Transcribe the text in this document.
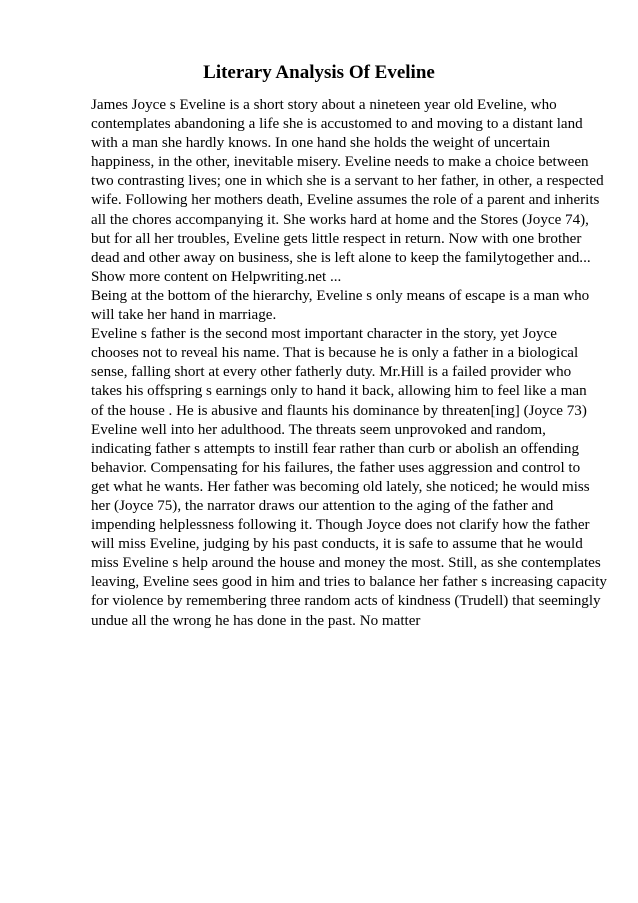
Literary Analysis Of Eveline
James Joyce s Eveline is a short story about a nineteen year old Eveline, who
contemplates abandoning a life she is accustomed to and moving to a distant land
with a man she hardly knows. In one hand she holds the weight of uncertain
happiness, in the other, inevitable misery. Eveline needs to make a choice between
two contrasting lives; one in which she is a servant to her father, in other, a respected
wife. Following her mothers death, Eveline assumes the role of a parent and inherits
all the chores accompanying it. She works hard at home and the Stores (Joyce 74),
but for all her troubles, Eveline gets little respect in return. Now with one brother
dead and other away on business, she is left alone to keep the familytogether and...
Show more content on Helpwriting.net ...
Being at the bottom of the hierarchy, Eveline s only means of escape is a man who
will take her hand in marriage.
Eveline s father is the second most important character in the story, yet Joyce
chooses not to reveal his name. That is because he is only a father in a biological
sense, falling short at every other fatherly duty. Mr.Hill is a failed provider who
takes his offspring s earnings only to hand it back, allowing him to feel like a man
of the house . He is abusive and flaunts his dominance by threaten[ing] (Joyce 73)
Eveline well into her adulthood. The threats seem unprovoked and random,
indicating father s attempts to instill fear rather than curb or abolish an offending
behavior. Compensating for his failures, the father uses aggression and control to
get what he wants. Her father was becoming old lately, she noticed; he would miss
her (Joyce 75), the narrator draws our attention to the aging of the father and
impending helplessness following it. Though Joyce does not clarify how the father
will miss Eveline, judging by his past conducts, it is safe to assume that he would
miss Eveline s help around the house and money the most. Still, as she contemplates
leaving, Eveline sees good in him and tries to balance her father s increasing capacity
for violence by remembering three random acts of kindness (Trudell) that seemingly
undue all the wrong he has done in the past. No matter
